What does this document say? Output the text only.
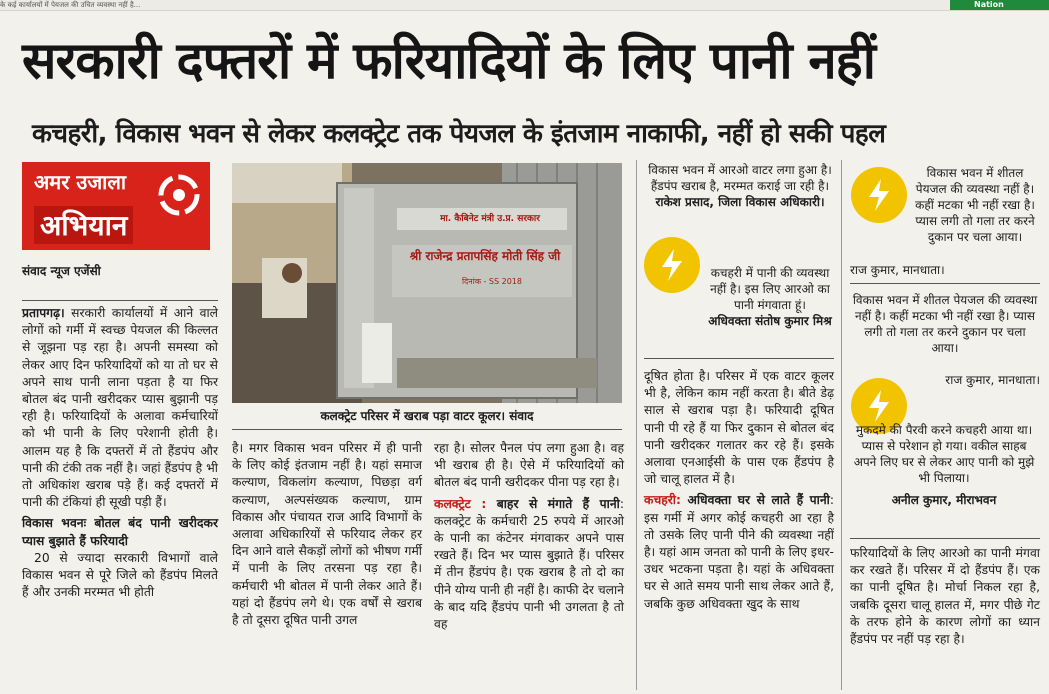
के कई कार्यालयों में पेयजल की उचित व्यवस्था नहीं है...	Nation
सरकारी दफ्तरों में फरियादियों के लिए पानी नहीं
कचहरी, विकास भवन से लेकर कलक्ट्रेट तक पेयजल के इंतजाम नाकाफी, नहीं हो सकी पहल
अमर उजाला
अभियान
संवाद न्यूज एजेंसी

प्रतापगढ़। सरकारी कार्यालयों में आने वाले लोगों को गर्मी में स्वच्छ पेयजल की किल्लत से जूझना पड़ रहा है। अपनी समस्या को लेकर आए दिन फरियादियों को या तो घर से अपने साथ पानी लाना पड़ता है या फिर बोतल बंद पानी खरीदकर प्यास बुझानी पड़ रही है। फरियादियों के अलावा कर्मचारियों को भी पानी के लिए परेशानी होती है। आलम यह है कि दफ्तरों में तो हैंडपंप और पानी की टंकी तक नहीं है। जहां हैंडपंप है भी तो अधिकांश खराब पड़े हैं। कई दफ्तरों में पानी की टंकियां ही सूखी पड़ी हैं।

विकास भवनः बोतल बंद पानी खरीदकर प्यास बुझाते हैं फरियादी

20 से ज्यादा सरकारी विभागों वाले विकास भवन से पूरे जिले को हैंडपंप मिलते हैं और उनकी मरम्मत भी होती

मा. कैबिनेट मंत्री उ.प्र. सरकार
श्री राजेन्द्र प्रतापसिंह मोती सिंह जी
दिनांक - SS 2018
कलक्ट्रेट परिसर में खराब पड़ा वाटर कूलर। संवाद

है। मगर विकास भवन परिसर में ही पानी के लिए कोई इंतजाम नहीं है। यहां समाज कल्याण, विकलांग कल्याण, पिछड़ा वर्ग कल्याण, अल्पसंख्यक कल्याण, ग्राम विकास और पंचायत राज आदि विभागों के अलावा अधिकारियों से फरियाद लेकर हर दिन आने वाले सैकड़ों लोगों को भीषण गर्मी में पानी के लिए तरसना पड़ रहा है। कर्मचारी भी बोतल में पानी लेकर आते हैं। यहां दो हैंडपंप लगे थे। एक वर्षों से खराब है तो दूसरा दूषित पानी उगल

रहा है। सोलर पैनल पंप लगा हुआ है। वह भी खराब ही है। ऐसे में फरियादियों को बोतल बंद पानी खरीदकर पीना पड़ रहा है।

कलक्ट्रेट : बाहर से मंगाते हैं पानी: कलक्ट्रेट के कर्मचारी 25 रुपये में आरओ के पानी का कंटेनर मंगवाकर अपने पास रखते हैं। दिन भर प्यास बुझाते हैं। परिसर में तीन हैंडपंप है। एक खराब है तो दो का पीने योग्य पानी ही नहीं है। काफी देर चलाने के बाद यदि हैंडपंप पानी भी उगलता है तो वह

विकास भवन में आरओ वाटर लगा हुआ है। हैंडपंप खराब है, मरम्मत कराई जा रही है।
राकेश प्रसाद, जिला विकास अधिकारी।
कचहरी में पानी की व्यवस्था नहीं है। इस लिए आरओ का पानी मंगवाता हूं।
अधिवक्ता संतोष कुमार मिश्र

दूषित होता है। परिसर में एक वाटर कूलर भी है, लेकिन काम नहीं करता है। बीते डेढ़ साल से खराब पड़ा है। फरियादी दूषित पानी पी रहे हैं या फिर दुकान से बोतल बंद पानी खरीदकर गलातर कर रहे हैं। इसके अलावा एनआईसी के पास एक हैंडपंप है जो चालू हालत में है।

कचहरी: अधिवक्ता घर से लाते हैं पानी: इस गर्मी में अगर कोई कचहरी आ रहा है तो उसके लिए पानी पीने की व्यवस्था नहीं है। यहां आम जनता को पानी के लिए इधर-उधर भटकना पड़ता है। यहां के अधिवक्ता घर से आते समय पानी साथ लेकर आते हैं, जबकि कुछ अधिवक्ता खुद के साथ

विकास भवन में शीतल पेयजल की व्यवस्था नहीं है। कहीं मटका भी नहीं रखा है। प्यास लगी तो गला तर करने दुकान पर चला आया।
राज कुमार, मानधाता।
विकास भवन में शीतल पेयजल की व्यवस्था नहीं है। कहीं मटका भी नहीं रखा है। प्यास लगी तो गला तर करने दुकान पर चला आया।
राज कुमार, मानधाता।
मुकदमे की पैरवी करने कचहरी आया था। प्यास से परेशान हो गया। वकील साहब अपने लिए घर से लेकर आए पानी को मुझे भी पिलाया।
अनील कुमार, मीराभवन

फरियादियों के लिए आरओ का पानी मंगवा कर रखते हैं। परिसर में दो हैंडपंप हैं। एक का पानी दूषित है। मोर्चा निकल रहा है, जबकि दूसरा चालू हालत में, मगर पीछे गेट के तरफ होने के कारण लोगों का ध्यान हैंडपंप पर नहीं पड़ रहा है।
